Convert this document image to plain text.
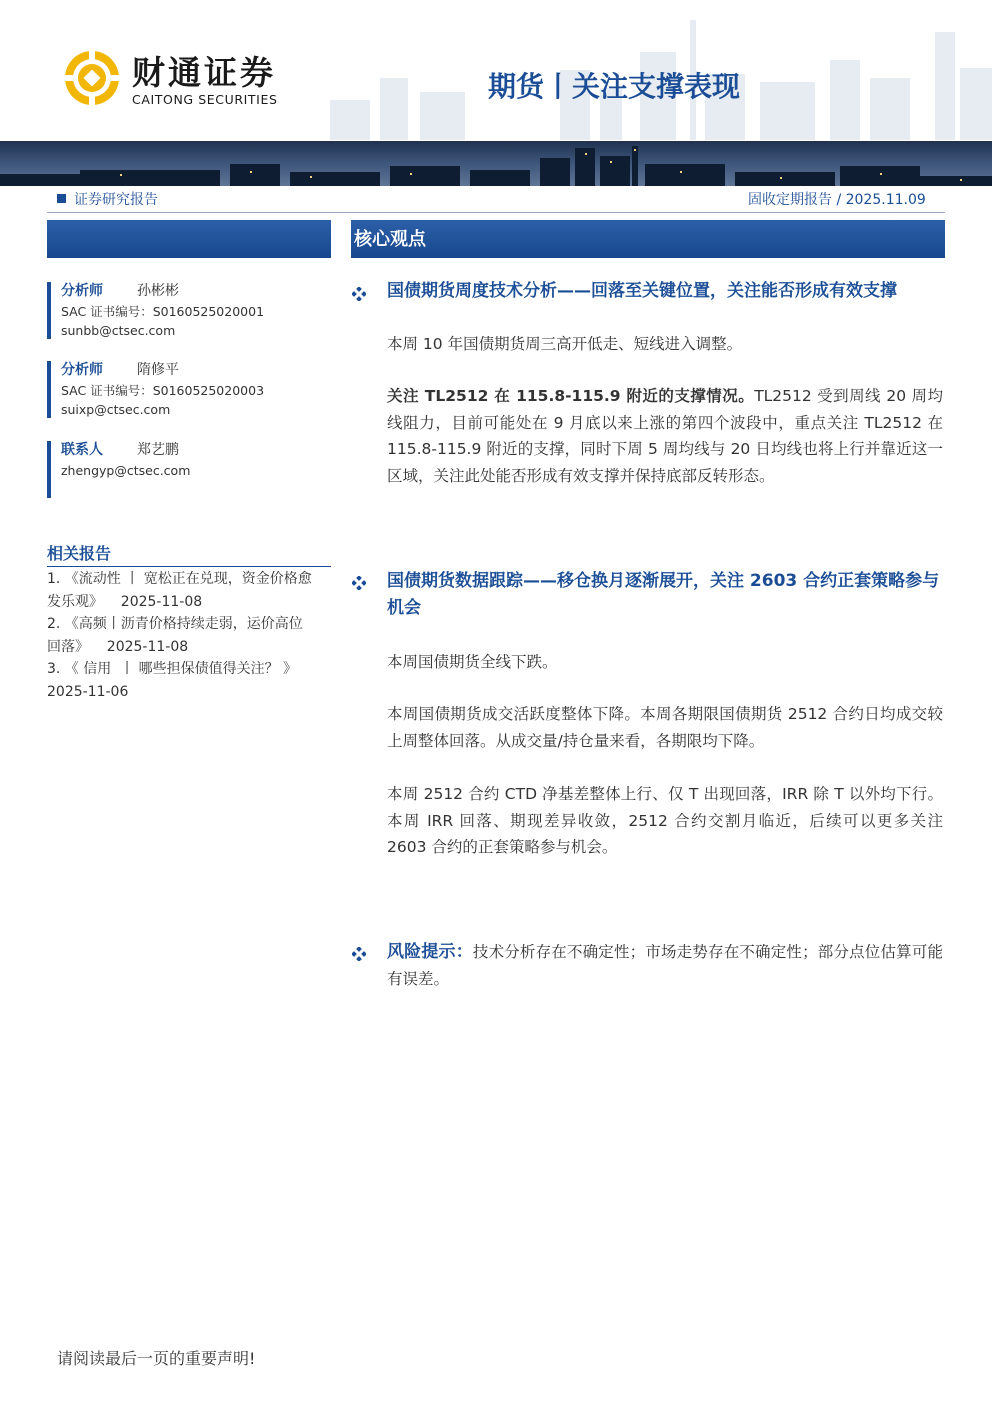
财通证券
CAITONG SECURITIES	期货丨关注支撑表现
证券研究报告	固收定期报告 / 2025.11.09
核心观点
分析师 孙彬彬
SAC 证书编号：S0160525020001
sunbb@ctsec.com
分析师 隋修平
SAC 证书编号：S0160525020003
suixp@ctsec.com
联系人 郑艺鹏
zhengyp@ctsec.com
相关报告
1. 《流动性 丨 宽松正在兑现，资金价格愈
发乐观》    2025-11-08
2. 《高频丨沥青价格持续走弱，运价高位
回落》    2025-11-08
3. 《 信用  丨 哪些担保债值得关注？ 》
2025-11-06
国债期货周度技术分析——回落至关键位置，关注能否形成有效支撑
本周 10 年国债期货周三高开低走、短线进入调整。
关注 TL2512 在 115.8-115.9 附近的支撑情况。TL2512 受到周线 20 周均线阻力，目前可能处在 9 月底以来上涨的第四个波段中，重点关注 TL2512 在 115.8-115.9 附近的支撑，同时下周 5 周均线与 20 日均线也将上行并靠近这一区域，关注此处能否形成有效支撑并保持底部反转形态。
国债期货数据跟踪——移仓换月逐渐展开，关注 2603 合约正套策略参与机会
本周国债期货全线下跌。
本周国债期货成交活跃度整体下降。本周各期限国债期货 2512 合约日均成交较上周整体回落。从成交量/持仓量来看，各期限均下降。
本周 2512 合约 CTD 净基差整体上行、仅 T 出现回落，IRR 除 T 以外均下行。本周 IRR 回落、期现差异收敛，2512 合约交割月临近，后续可以更多关注 2603 合约的正套策略参与机会。
风险提示：技术分析存在不确定性；市场走势存在不确定性；部分点位估算可能有误差。
请阅读最后一页的重要声明!
